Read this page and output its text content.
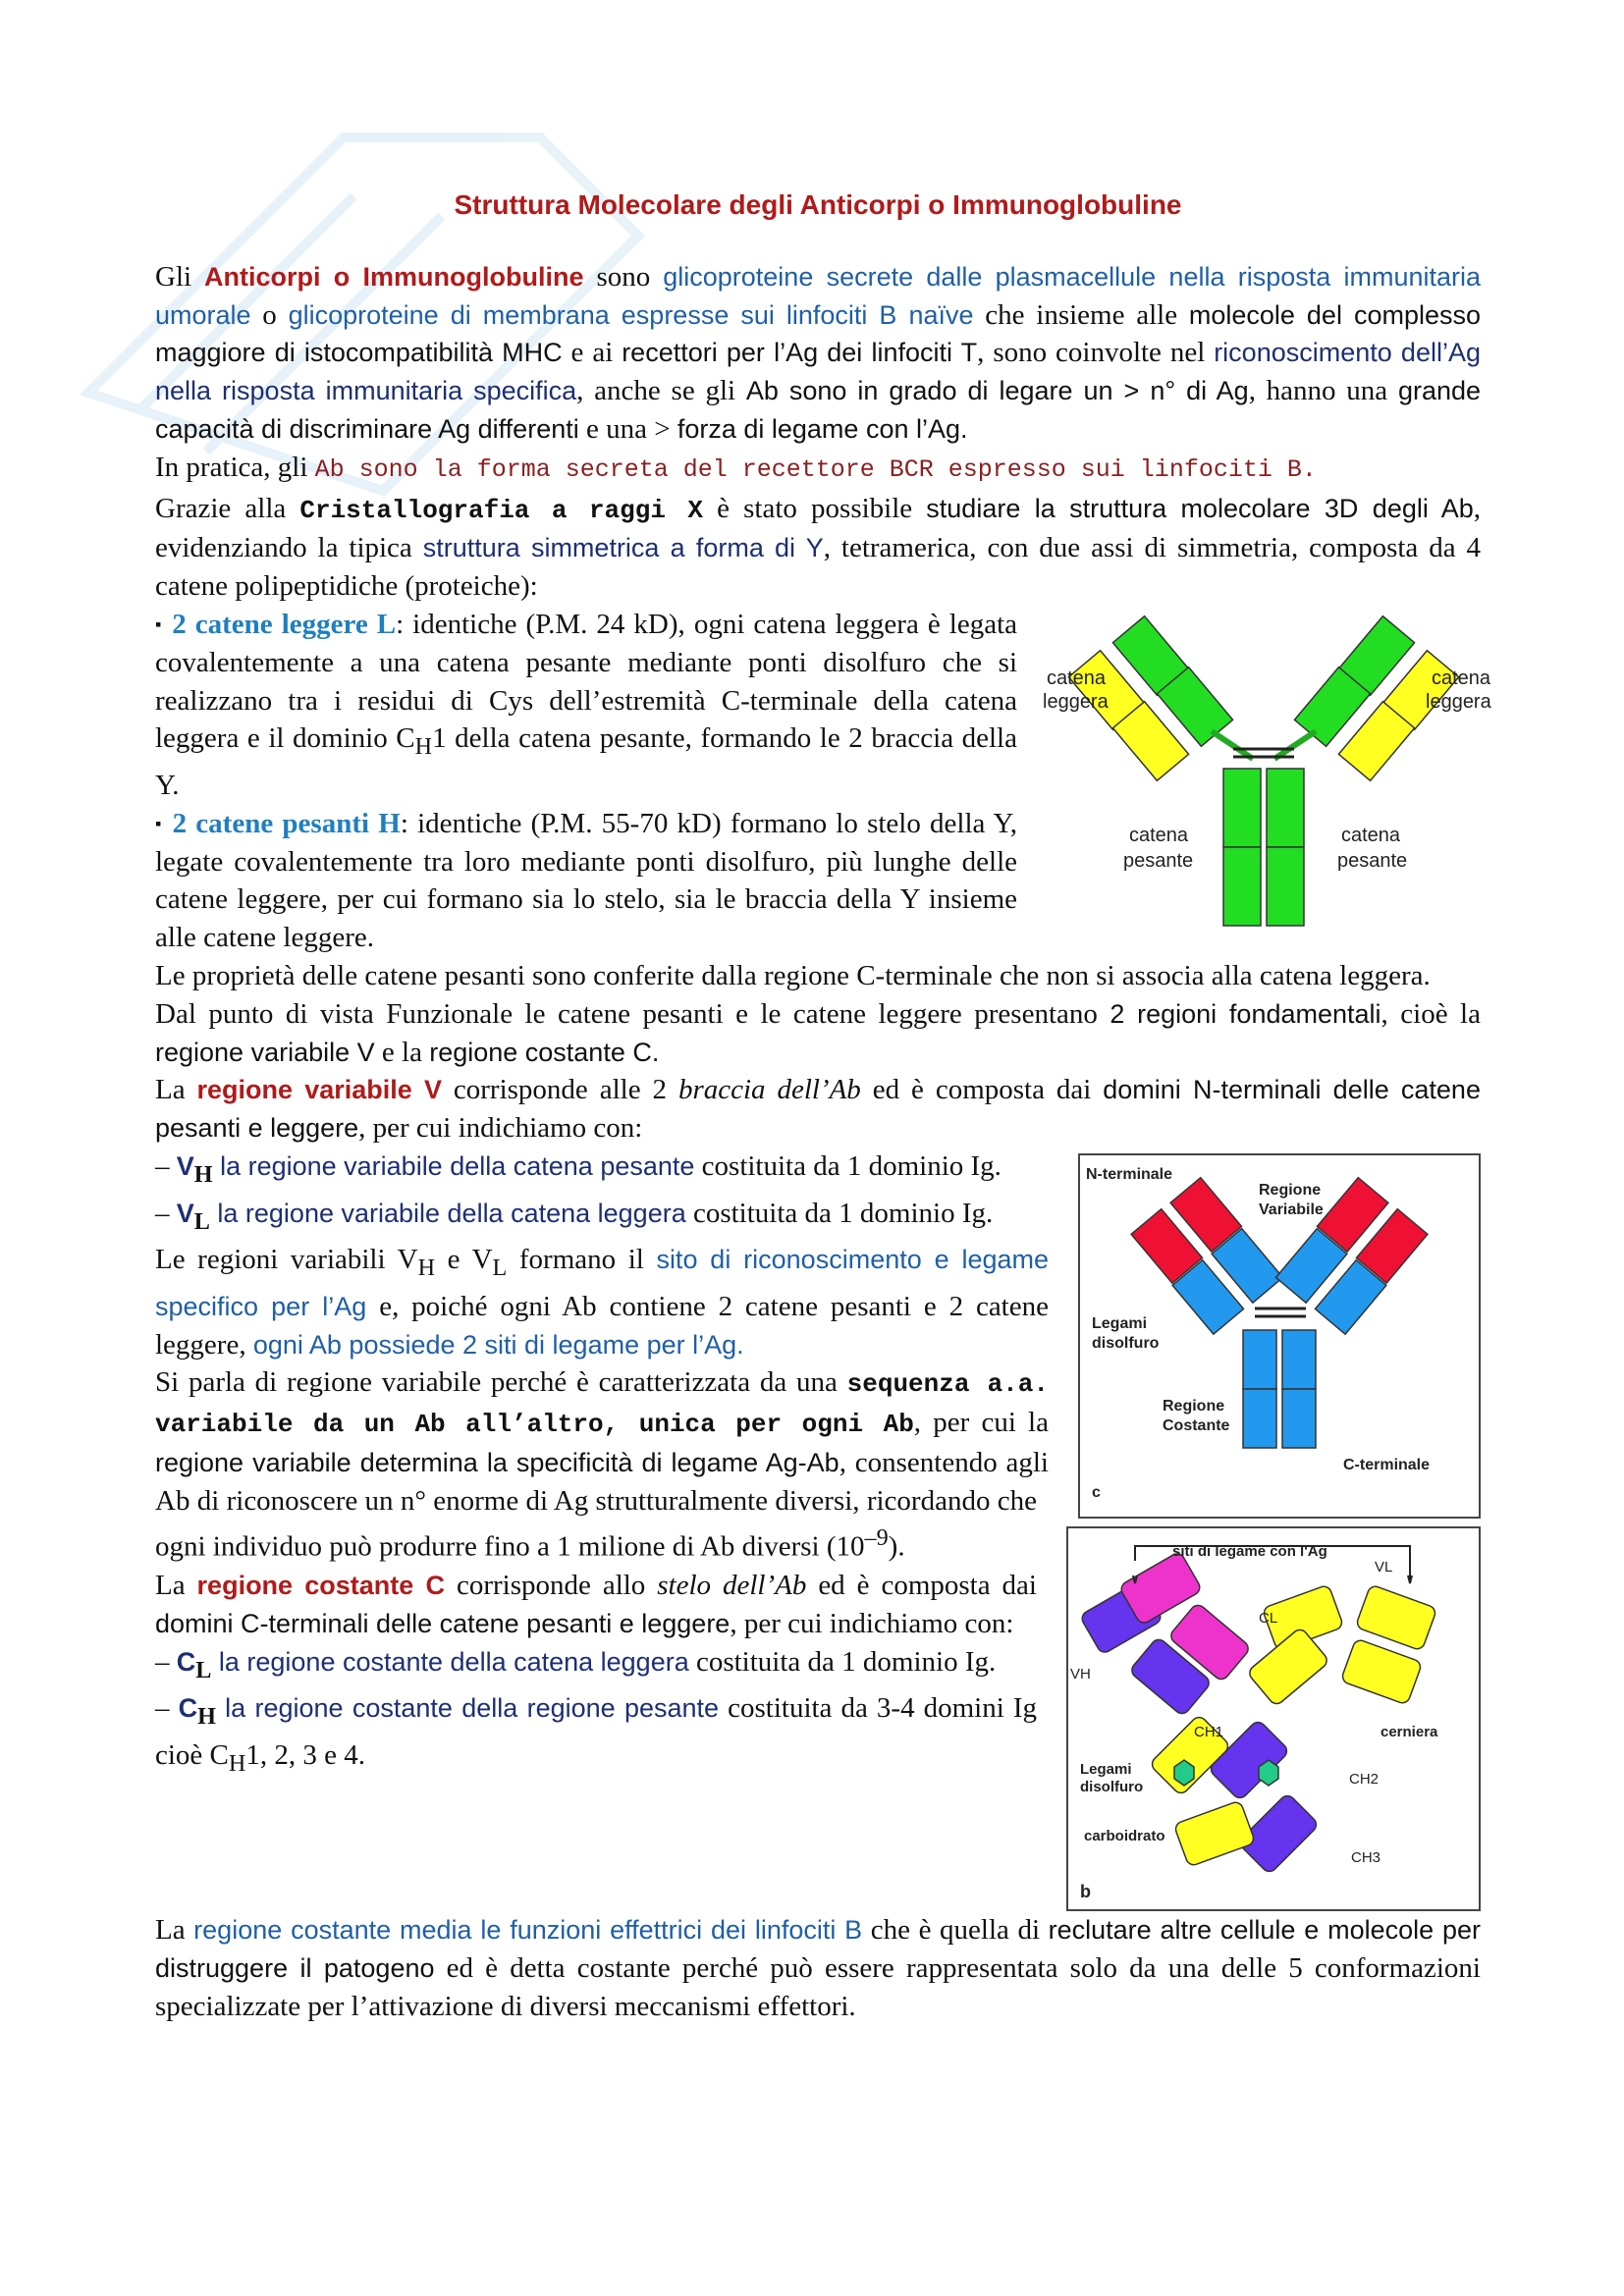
Struttura Molecolare degli Anticorpi o Immunoglobuline

Gli Anticorpi o Immunoglobuline sono glicoproteine secrete dalle plasmacellule nella risposta immunitaria umorale o glicoproteine di membrana espresse sui linfociti B naïve che insieme alle molecole del complesso maggiore di istocompatibilità MHC e ai recettori per l’Ag dei linfociti T, sono coinvolte nel riconoscimento dell’Ag nella risposta immunitaria specifica, anche se gli Ab sono in grado di legare un > n° di Ag, hanno una grande capacità di discriminare Ag differenti e una > forza di legame con l’Ag.

In pratica, gli Ab sono la forma secreta del recettore BCR espresso sui linfociti B.

Grazie alla Cristallografia a raggi X è stato possibile studiare la struttura molecolare 3D degli Ab, evidenziando la tipica struttura simmetrica a forma di Y, tetramerica, con due assi di simmetria, composta da 4 catene polipeptidiche (proteiche):

catena
leggera
catena
leggera
catena
pesante
catena
pesante

▪ 2 catene leggere L: identiche (P.M. 24 kD), ogni catena leggera è legata covalentemente a una catena pesante mediante ponti disolfuro che si realizzano tra i residui di Cys dell’estremità C-terminale della catena leggera e il dominio $C_H1$ della catena pesante, formando le 2 braccia della Y.

▪ 2 catene pesanti H: identiche (P.M. 55-70 kD) formano lo stelo della Y, legate covalentemente tra loro mediante ponti disolfuro, più lunghe delle catene leggere, per cui formano sia lo stelo, sia le braccia della Y insieme alle catene leggere.

Le proprietà delle catene pesanti sono conferite dalla regione C-terminale che non si associa alla catena leggera.

Dal punto di vista Funzionale le catene pesanti e le catene leggere presentano 2 regioni fondamentali, cioè la regione variabile V e la regione costante C.

La regione variabile V corrisponde alle 2 braccia dell’Ab ed è composta dai domini N-terminali delle catene pesanti e leggere, per cui indichiamo con:

N-terminale
Regione
Variabile
Legami
disolfuro
Regione
Costante
C-terminale
c

– $V_H$ la regione variabile della catena pesante costituita da 1 dominio Ig.

– $V_L$ la regione variabile della catena leggera costituita da 1 dominio Ig.

Le regioni variabili $V_H$ e $V_L$ formano il sito di riconoscimento e legame specifico per l’Ag e, poiché ogni Ab contiene 2 catene pesanti e 2 catene leggere, ogni Ab possiede 2 siti di legame per l’Ag.

siti di legame con l'Ag
VL
CL
VH
CH1	cerniera
Legami
disolfuro	CH2
carboidrato
CH3
b

Si parla di regione variabile perché è caratterizzata da una sequenza a.a. variabile da un Ab all’altro, unica per ogni Ab, per cui la regione variabile determina la specificità di legame Ag-Ab, consentendo agli Ab di riconoscere un n° enorme di Ag strutturalmente diversi, ricordando che ogni individuo può produrre fino a 1 milione di Ab diversi $(10^{-9})$.

La regione costante C corrisponde allo stelo dell’Ab ed è composta dai domini C-terminali delle catene pesanti e leggere, per cui indichiamo con:

– $C_L$ la regione costante della catena leggera costituita da 1 dominio Ig.

– $C_H$ la regione costante della regione pesante costituita da 3-4 domini Ig cioè $C_H1$, 2, 3 e 4.

La regione costante media le funzioni effettrici dei linfociti B che è quella di reclutare altre cellule e molecole per distruggere il patogeno ed è detta costante perché può essere rappresentata solo da una delle 5 conformazioni specializzate per l’attivazione di diversi meccanismi effettori.
